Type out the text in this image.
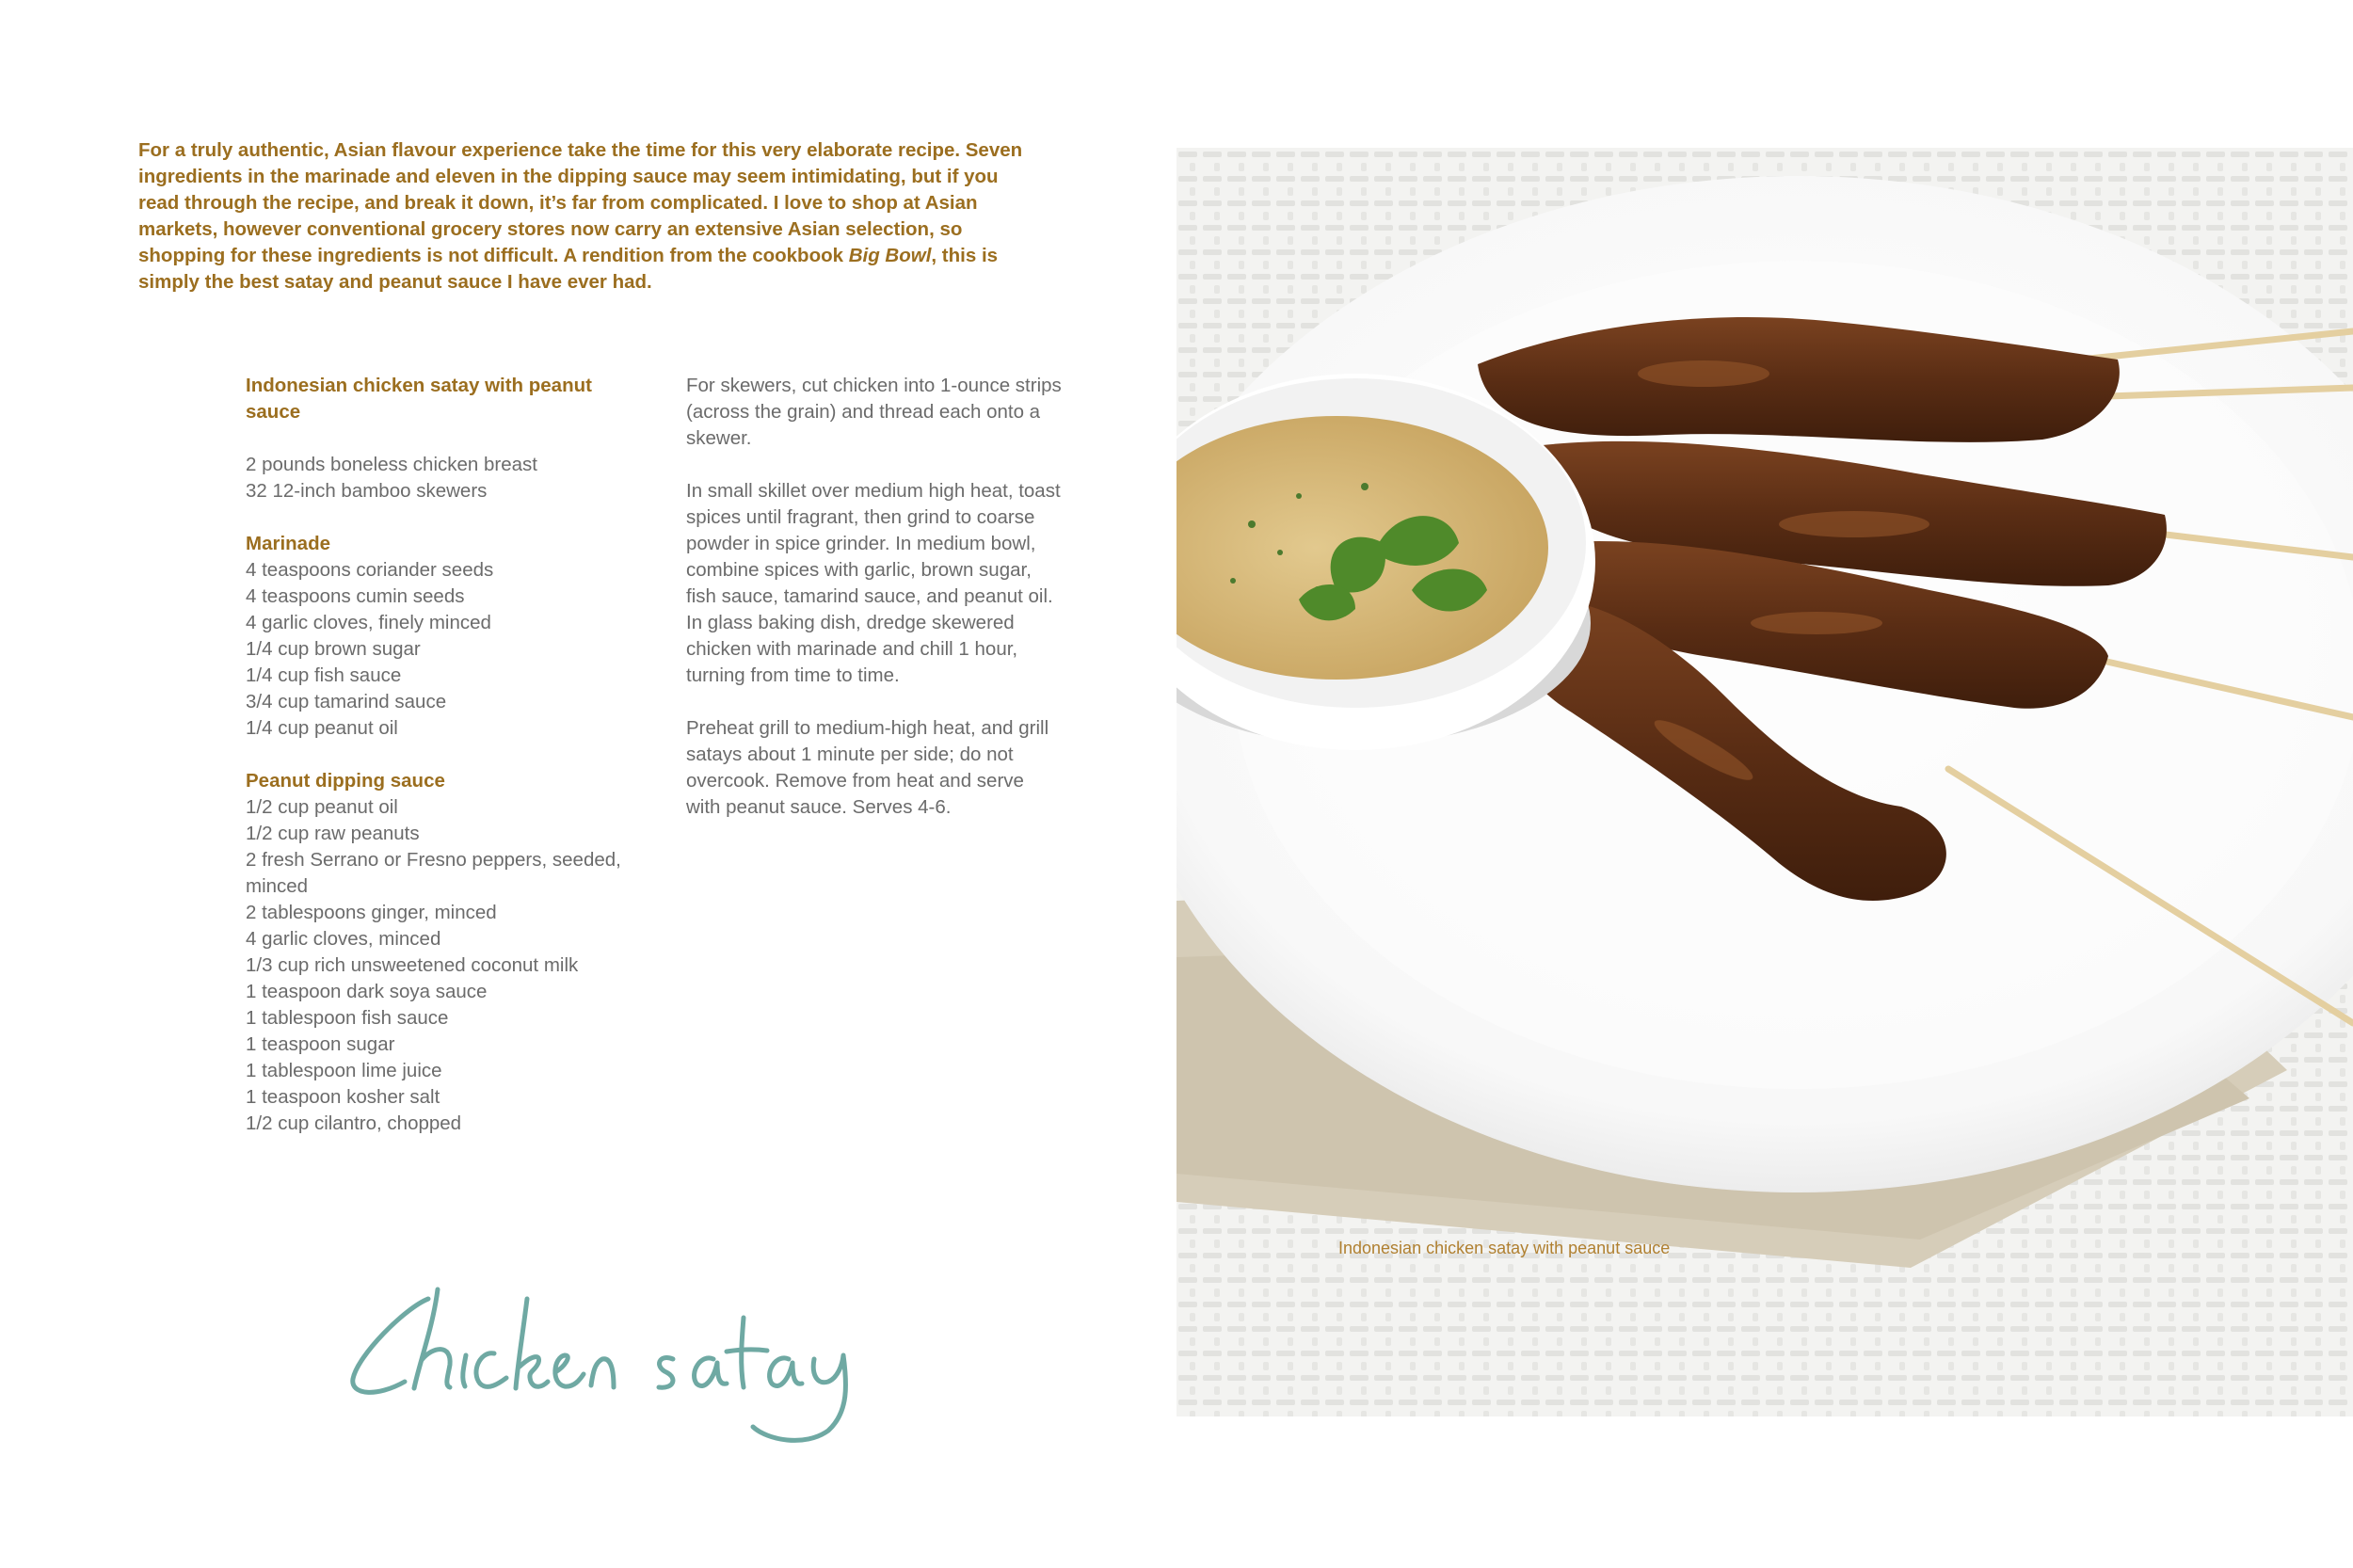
For a truly authentic, Asian flavour experience take the time for this very elaborate recipe. Seven ingredients in the marinade and eleven in the dipping sauce may seem intimidating, but if you read through the recipe, and break it down, it’s far from complicated. I love to shop at Asian markets, however conventional grocery stores now carry an extensive Asian selection, so shopping for these ingredients is not difficult. A rendition from the cookbook Big Bowl, this is simply the best satay and peanut sauce I have ever had.

Indonesian chicken satay with peanut sauce

2 pounds boneless chicken breast
32 12-inch bamboo skewers

Marinade

4 teaspoons coriander seeds
4 teaspoons cumin seeds
4 garlic cloves, finely minced
1/4 cup brown sugar
1/4 cup fish sauce
3/4 cup tamarind sauce
1/4 cup peanut oil

Peanut dipping sauce

1/2 cup peanut oil
1/2 cup raw peanuts
2 fresh Serrano or Fresno peppers, seeded, minced
2 tablespoons ginger, minced
4 garlic cloves, minced
1/3 cup rich unsweetened coconut milk
1 teaspoon dark soya sauce
1 tablespoon fish sauce
1 teaspoon sugar
1 tablespoon lime juice
1 teaspoon kosher salt
1/2 cup cilantro, chopped

For skewers, cut chicken into 1-ounce strips (across the grain) and thread each onto a skewer.

In small skillet over medium high heat, toast spices until fragrant, then grind to coarse powder in spice grinder. In medium bowl, combine spices with garlic, brown sugar, fish sauce, tamarind sauce, and peanut oil. In glass baking dish, dredge skewered chicken with marinade and chill 1 hour, turning from time to time.

Preheat grill to medium-high heat, and grill satays about 1 minute per side; do not overcook. Remove from heat and serve with peanut sauce. Serves 4-6.

Indonesian chicken satay with peanut sauce
